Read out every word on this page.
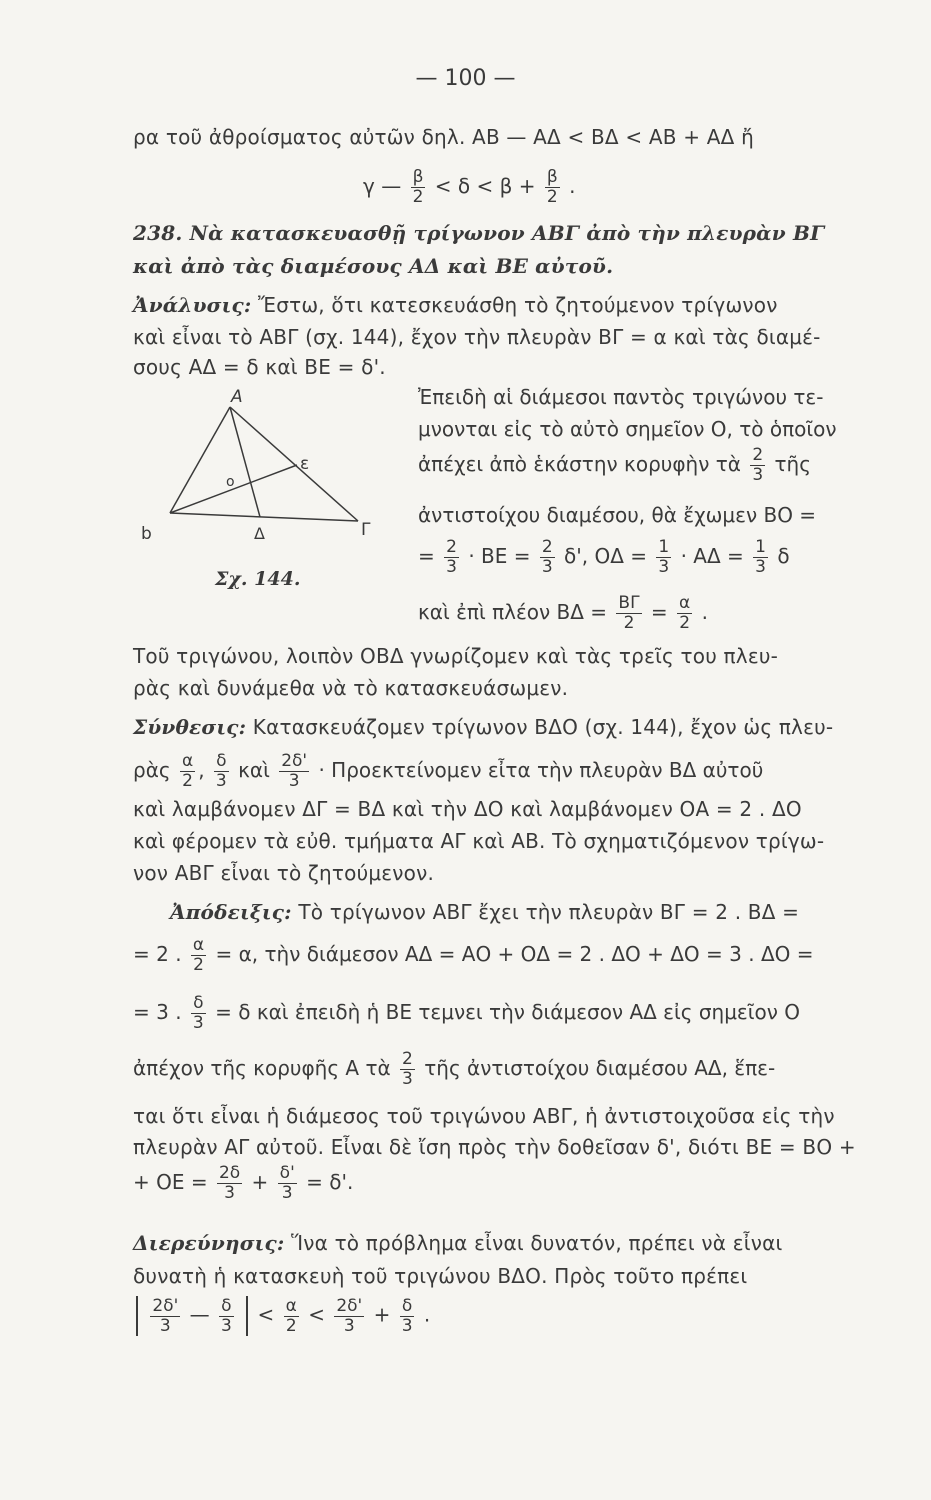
— 100 —
ρα τοῦ ἀθροίσματος αὐτῶν δηλ. ΑΒ — ΑΔ < ΒΔ < ΑΒ + ΑΔ ἤ
γ — $\frac{\beta}{2} < \delta < \beta + \frac{\beta}{2}$ .
238. Νὰ κατασκευασθῇ τρίγωνον ΑΒΓ ἀπὸ τὴν πλευρὰν ΒΓ
καὶ ἀπὸ τὰς διαμέσους ΑΔ καὶ ΒΕ αὐτοῦ.
Ἀνάλυσις: Ἔστω, ὅτι κατεσκευάσθη τὸ ζητούμενον τρίγωνον
καὶ εἶναι τὸ ΑΒΓ (σχ. 144), ἔχον τὴν πλευρὰν ΒΓ = α καὶ τὰς διαμέ-
σους ΑΔ = δ καὶ ΒΕ = δ'.
A
ε
o
b	Δ	Γ
Σχ. 144.
Ἐπειδὴ αἱ διάμεσοι παντὸς τριγώνου τε-
μνονται εἰς τὸ αὐτὸ σημεῖον Ο, τὸ ὁποῖον
ἀπέχει ἀπὸ ἑκάστην κορυφὴν τὰ $\frac{2}{3}$ τῆς
ἀντιστοίχου διαμέσου, θὰ ἔχωμεν ΒΟ =
= $\frac{2}{3} \cdot BE = \frac{2}{3} \delta'$, $O\Delta = \frac{1}{3} \cdot A\Delta = \frac{1}{3}$ δ
καὶ ἐπὶ πλέον $B\Delta = \frac{B\Gamma}{2} = \frac{\alpha}{2}$ .
Τοῦ τριγώνου, λοιπὸν ΟΒΔ γνωρίζομεν καὶ τὰς τρεῖς του πλευ-
ρὰς καὶ δυνάμεθα νὰ τὸ κατασκευάσωμεν.
Σύνθεσις: Κατασκευάζομεν τρίγωνον ΒΔΟ (σχ. 144), ἔχον ὡς πλευ-
ρὰς $\frac{\alpha}{2}$ , $\frac{\delta}{3}$ καὶ $\frac{2\delta'}{3} \cdot \Pi\rho o\varepsilon\kappa\tau\varepsilon ί\nu o\mu\varepsilon\nu$ εἶτα τὴν πλευρὰν ΒΔ αὐτοῦ
καὶ λαμβάνομεν ΔΓ = ΒΔ καὶ τὴν ΔΟ καὶ λαμβάνομεν ΟΑ = 2 . ΔΟ
καὶ φέρομεν τὰ εὐθ. τμήματα ΑΓ καὶ ΑΒ. Τὸ σχηματιζόμενον τρίγω-
νον ΑΒΓ εἶναι τὸ ζητούμενον.
Ἀπόδειξις: Τὸ τρίγωνον ΑΒΓ ἔχει τὴν πλευρὰν ΒΓ = 2 . ΒΔ =
= 2 . $\frac{\alpha}{2} = \alpha$, τὴν διάμεσον ΑΔ = ΑΟ + ΟΔ = 2 . ΔΟ + ΔΟ = 3 . ΔΟ =
= 3 . $\frac{\delta}{3} = \delta$ καὶ ἐπειδὴ ἡ ΒΕ τεμνει τὴν διάμεσον ΑΔ εἰς σημεῖον Ο
ἀπέχον τῆς κορυφῆς Α τὰ $\frac{2}{3}$ τῆς ἀντιστοίχου διαμέσου ΑΔ, ἕπε-
ται ὅτι εἶναι ἡ διάμεσος τοῦ τριγώνου ΑΒΓ, ἡ ἀντιστοιχοῦσα εἰς τὴν
πλευρὰν ΑΓ αὐτοῦ. Εἶναι δὲ ἴση πρὸς τὴν δοθεῖσαν δ', διότι ΒΕ = ΒΟ +
+ $OE = \frac{2\delta}{3} + \frac{\delta'}{3} = \delta'$.
Διερεύνησις: Ἵνα τὸ πρόβλημα εἶναι δυνατόν, πρέπει νὰ εἶναι
δυνατὴ ἡ κατασκευὴ τοῦ τριγώνου ΒΔΟ. Πρὸς τοῦτο πρέπει

$\frac{2\delta'}{3}$ — $\frac{\delta}{3} < \frac{\alpha}{2} < \frac{2\delta'}{3} + \frac{\delta}{3}$ .
